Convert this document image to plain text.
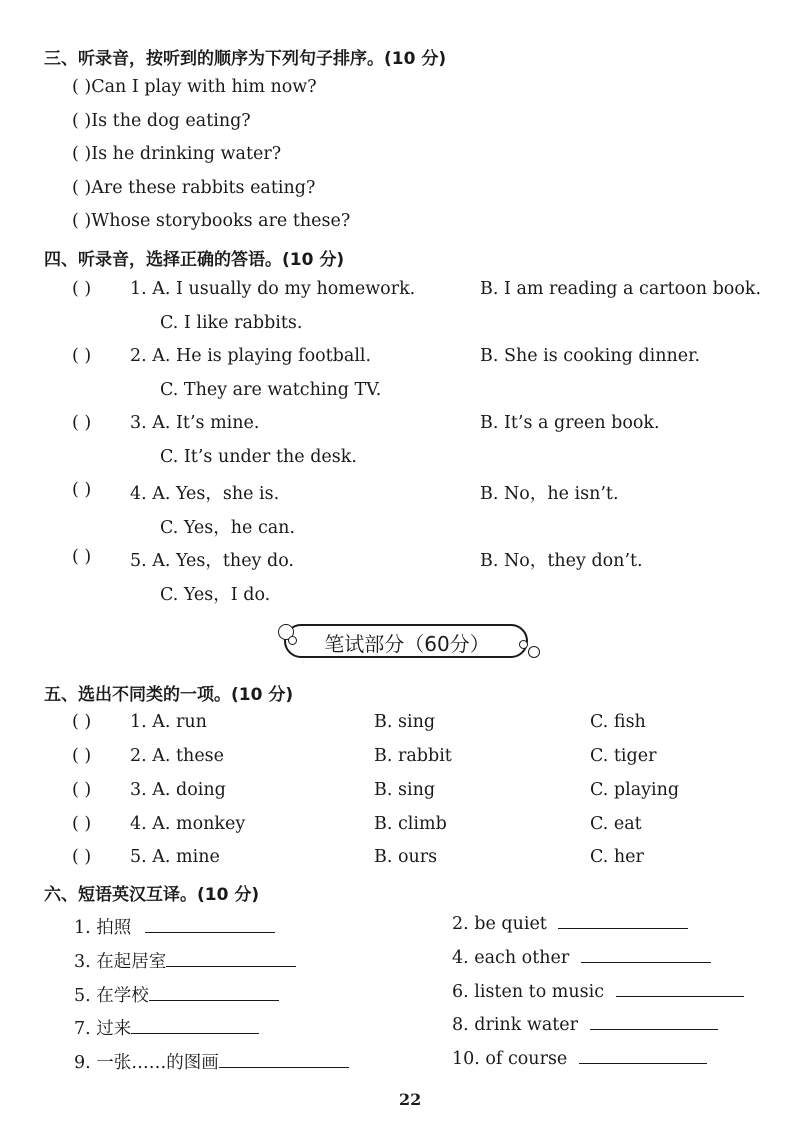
三、听录音，按听到的顺序为下列句子排序。(10 分)
( )Can I play with him now?
( )Is the dog eating?
( )Is he drinking water?
( )Are these rabbits eating?
( )Whose storybooks are these?
四、听录音，选择正确的答语。(10 分)
( ) 1. A. I usually do my homework.	B. I am reading a cartoon book.
C. I like rabbits.
( ) 2. A. He is playing football.	B. She is cooking dinner.
C. They are watching TV.
( ) 3. A. It’s mine.	B. It’s a green book.
C. It’s under the desk.
( ) 4. A. Yes，she is.	B. No，he isn’t.
C. Yes，he can.
( ) 5. A. Yes，they do.	B. No，they don’t.
C. Yes，I do.
笔试部分（60分）
五、选出不同类的一项。(10 分)
( ) 1. A. run	B. sing	C. fish
( ) 2. A. these	B. rabbit	C. tiger
( ) 3. A. doing	B. sing	C. playing
( ) 4. A. monkey	B. climb	C. eat
( ) 5. A. mine	B. ours	C. her
六、短语英汉互译。(10 分)
1. 拍照	2. be quiet
3. 在起居室	4. each other
5. 在学校	6. listen to music
7. 过来	8. drink water
9. 一张……的图画	10. of course
22
